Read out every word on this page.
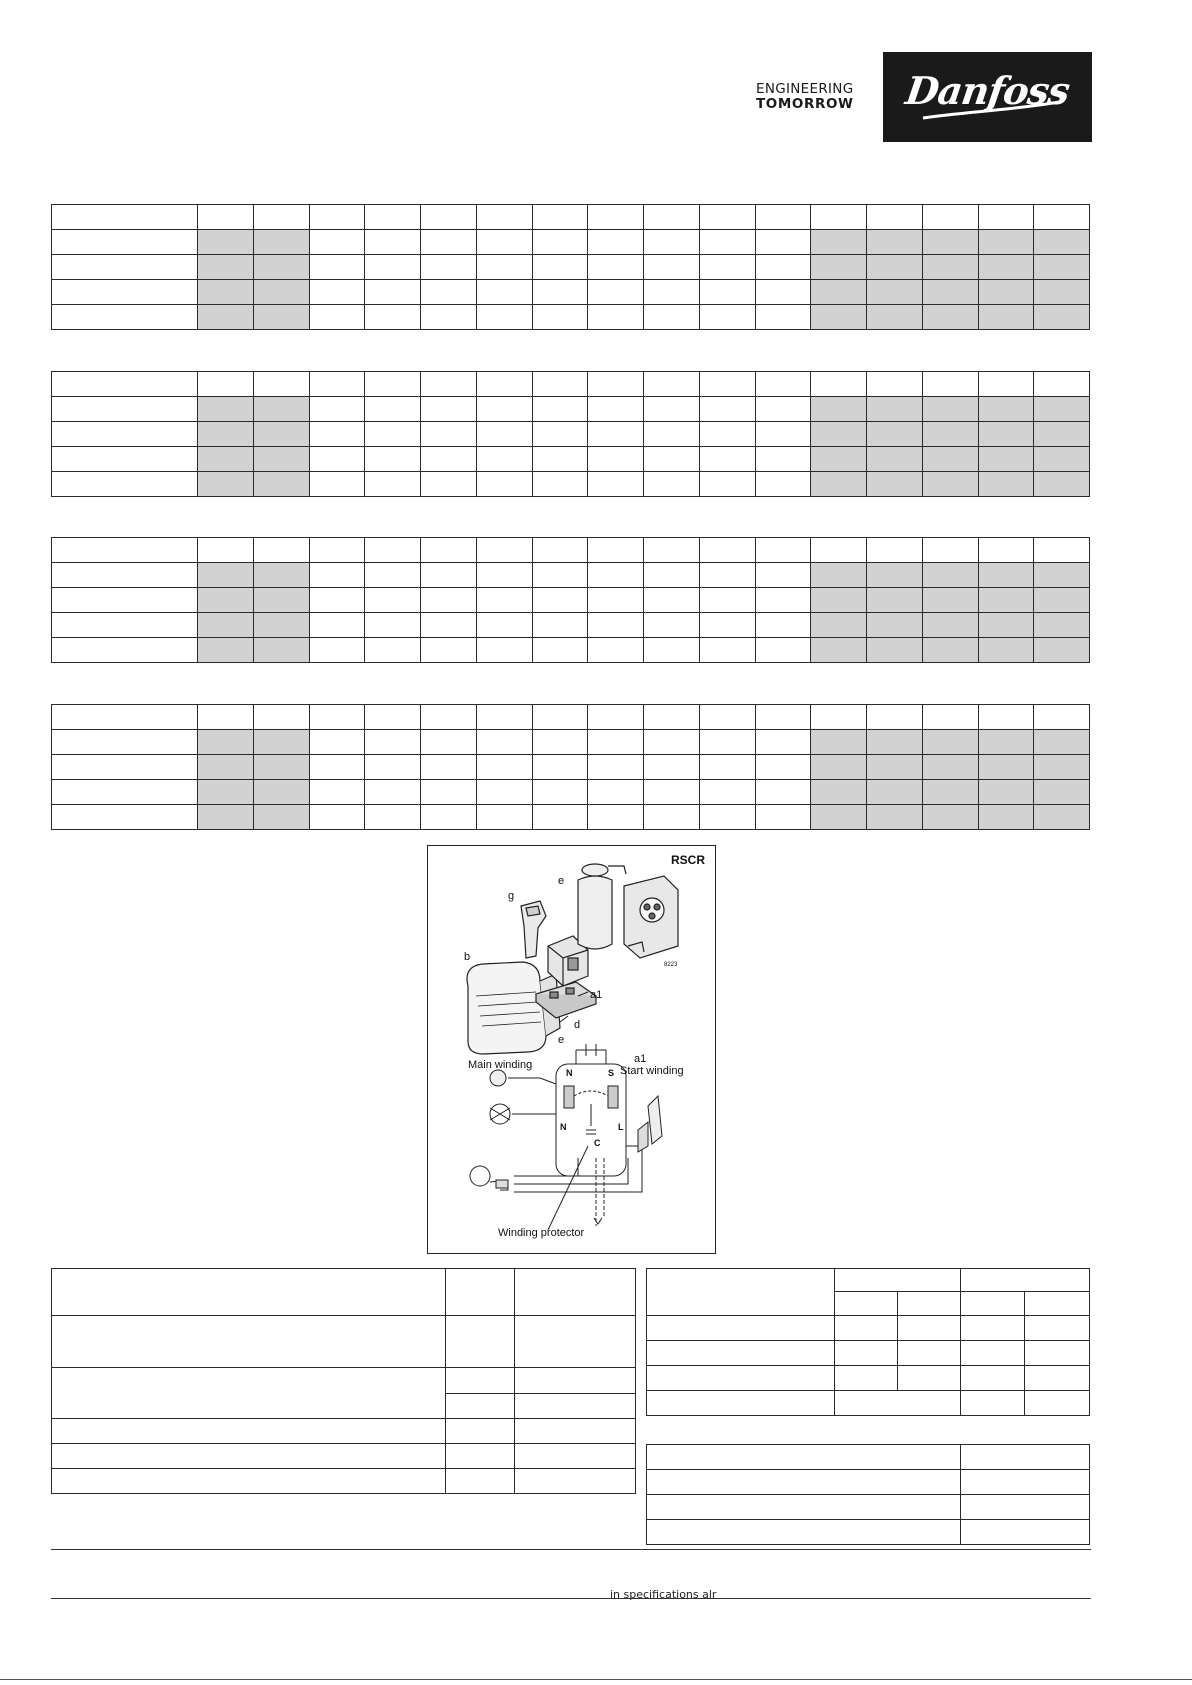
ENGINEERING
TOMORROW	Danfoss

RSCR
g
e
b
a1
d
8223
Main winding	Start winding
e
a1
N	S
N	L
C
Winding protector

in specifications alr
